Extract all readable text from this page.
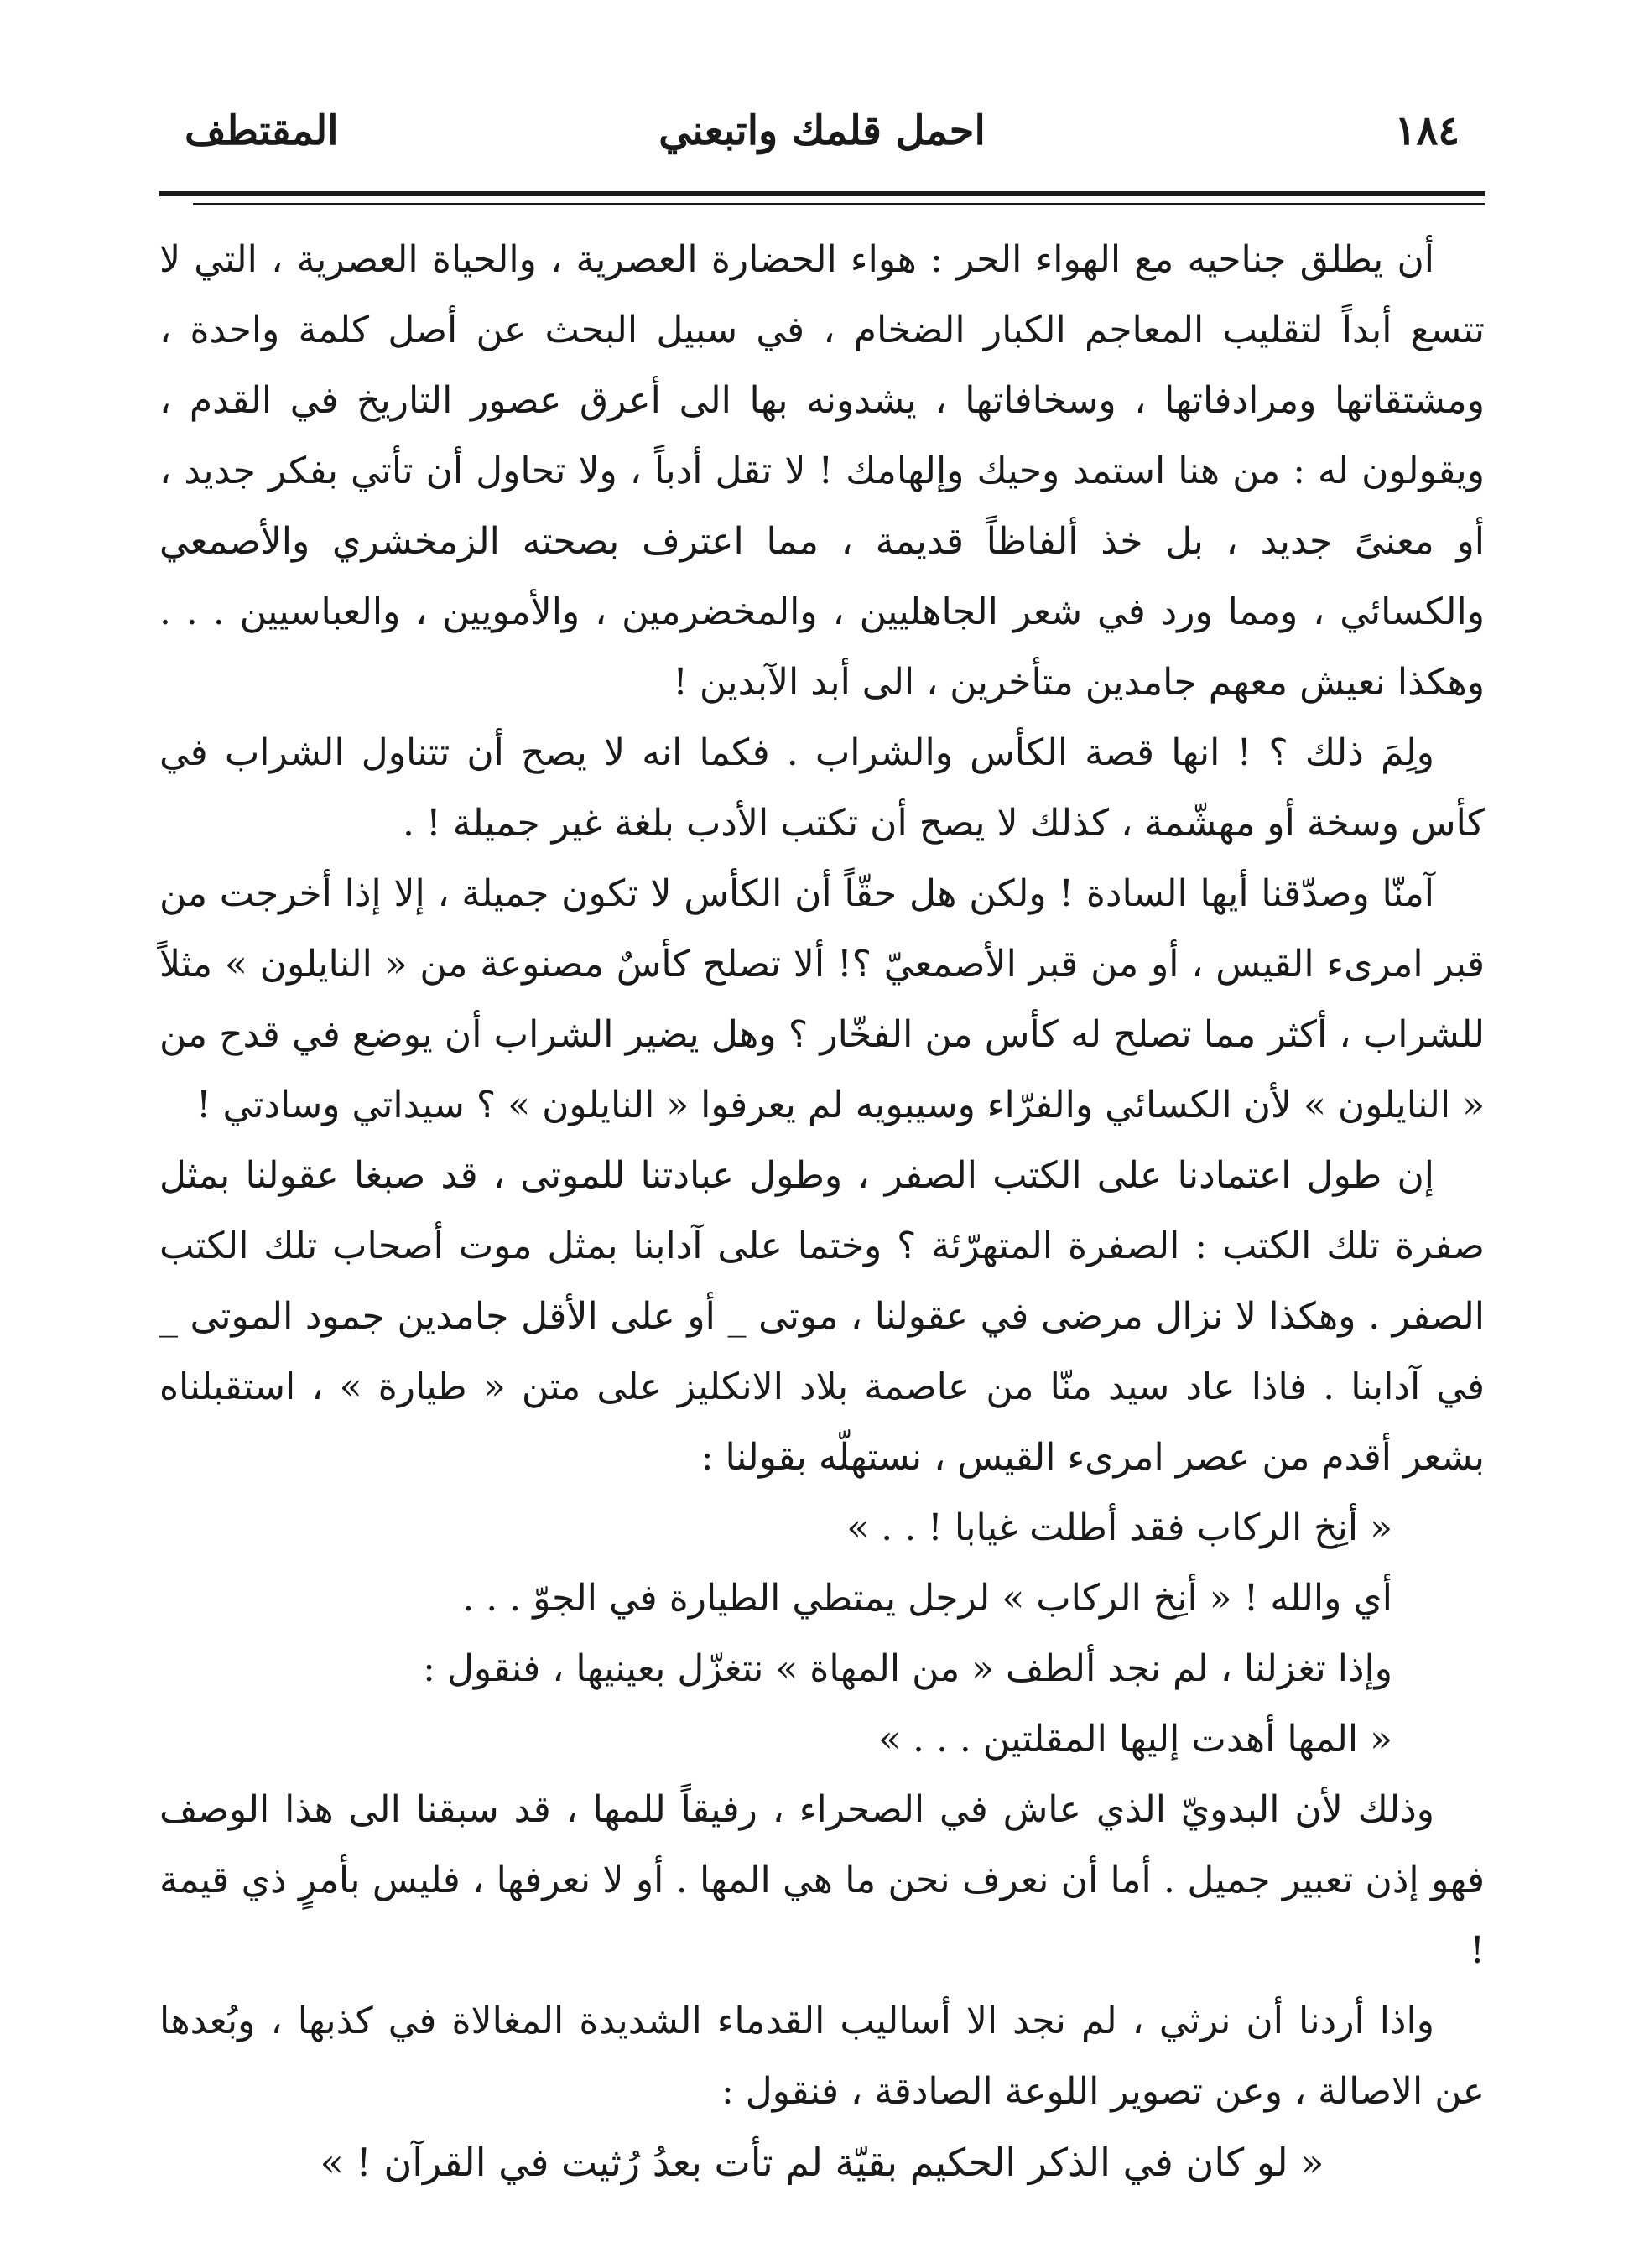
١٨٤
احمل قلمك واتبعني
المقتطف

أن يطلق جناحيه مع الهواء الحر : هواء الحضارة العصرية ، والحياة العصرية ، التي لا تتسع أبداً لتقليب المعاجم الكبار الضخام ، في سبيل البحث عن أصل كلمة واحدة ، ومشتقاتها ومرادفاتها ، وسخافاتها ، يشدونه بها الى أعرق عصور التاريخ في القدم ، ويقولون له : من هنا استمد وحيك وإلهامك ! لا تقل أدباً ، ولا تحاول أن تأتي بفكر جديد ، أو معنىً جديد ، بل خذ ألفاظاً قديمة ، مما اعترف بصحته الزمخشري والأصمعي والكسائي ، ومما ورد في شعر الجاهليين ، والمخضرمين ، والأمويين ، والعباسيين . . . وهكذا نعيش معهم جامدين متأخرين ، الى أبد الآبدين !

ولِمَ ذلك ؟ ! انها قصة الكأس والشراب . فكما انه لا يصح أن تتناول الشراب في كأس وسخة أو مهشّمة ، كذلك لا يصح أن تكتب الأدب بلغة غير جميلة ! .

آمنّا وصدّقنا أيها السادة ! ولكن هل حقّاً أن الكأس لا تكون جميلة ، إلا إذا أخرجت من قبر امرىء القيس ، أو من قبر الأصمعيّ ؟! ألا تصلح كأسٌ مصنوعة من « النايلون » مثلاً للشراب ، أكثر مما تصلح له كأس من الفخّار ؟ وهل يضير الشراب أن يوضع في قدح من « النايلون » لأن الكسائي والفرّاء وسيبويه لم يعرفوا « النايلون » ؟ سيداتي وسادتي !

إن طول اعتمادنا على الكتب الصفر ، وطول عبادتنا للموتى ، قد صبغا عقولنا بمثل صفرة تلك الكتب : الصفرة المتهرّئة ؟ وختما على آدابنا بمثل موت أصحاب تلك الكتب الصفر . وهكذا لا نزال مرضى في عقولنا ، موتى _ أو على الأقل جامدين جمود الموتى _ في آدابنا . فاذا عاد سيد منّا من عاصمة بلاد الانكليز على متن « طيارة » ، استقبلناه بشعر أقدم من عصر امرىء القيس ، نستهلّه بقولنا :

« أنِخ الركاب فقد أطلت غيابا ! . . »

أي والله ! « أنِخ الركاب » لرجل يمتطي الطيارة في الجوّ . . .

وإذا تغزلنا ، لم نجد ألطف « من المهاة » نتغزّل بعينيها ، فنقول :

« المها أهدت إليها المقلتين . . . »

وذلك لأن البدويّ الذي عاش في الصحراء ، رفيقاً للمها ، قد سبقنا الى هذا الوصف فهو إذن تعبير جميل . أما أن نعرف نحن ما هي المها . أو لا نعرفها ، فليس بأمرٍ ذي قيمة !

واذا أردنا أن نرثي ، لم نجد الا أساليب القدماء الشديدة المغالاة في كذبها ، وبُعدها عن الاصالة ، وعن تصوير اللوعة الصادقة ، فنقول :

« لو كان في الذكر الحكيم بقيّة لم تأت بعدُ رُثيت في القرآن ! »
